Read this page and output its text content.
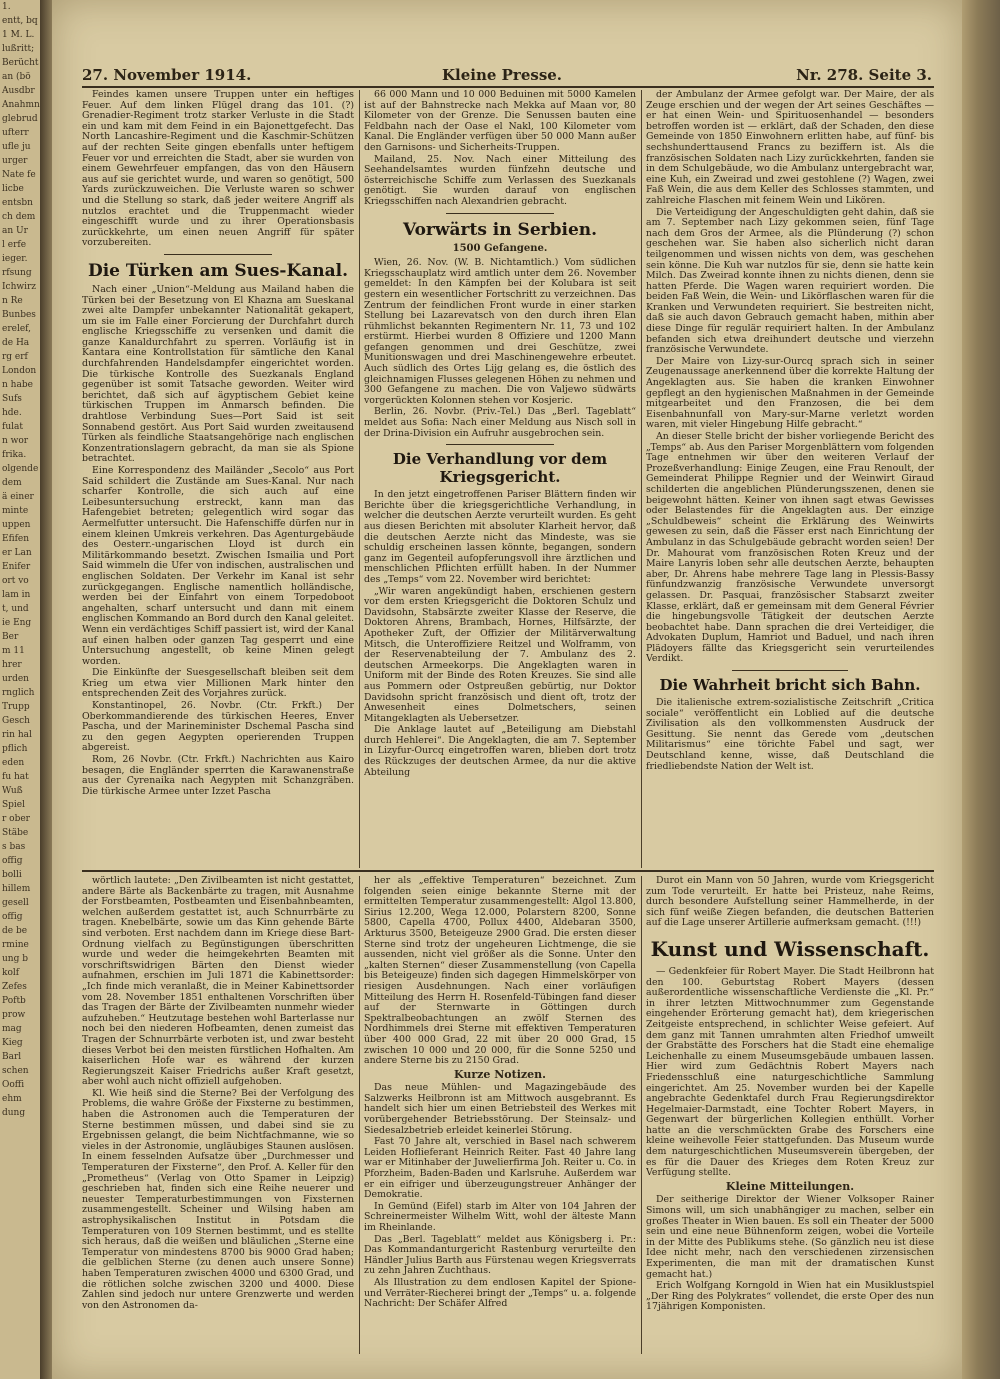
1.
entt, bq
1 M. L.
lußritt;
Berücht
an (bö
Ausdbr
Anahmn
glebrud
ufterr
ufle ju
urger
Nate fe
licbe
entsbn
ch dem
an Ur
l erfe
ieger.
rfsung
Ichwirz
n Re
Bunbes
erelef,
de Ha
rg erf
London
n habe
Sufs
hde.
fulat
n wor
frika.
olgende
dem
ä einer
minte
uppen
Efifen
er Lan
Enifer
ort vo
lam in
t, und
ie Eng
Ber
m 11
hrer
urden
rnglich
Trupp
Gesch
rin hal
pflich
eden
fu hat
Wuß
Spiel
r ober
Stäbe
s bas
offig
bolli
hillem
gesell
offig
de be
rmine
ung b
kolf
Zefes
Poftb
prow
mag
Kieg
Barl
schen
Ooffi
ehm
dung
27. November 1914.	Kleine Presse.	Nr. 278. Seite 3.

Feindes kamen unsere Truppen unter ein heftiges Feuer. Auf dem linken Flügel drang das 101. (?) Grenadier-Regiment trotz starker Verluste in die Stadt ein und kam mit dem Feind in ein Bajonettgefecht. Das North Lancashire-Regiment und die Kaschmir-Schützen auf der rechten Seite gingen ebenfalls unter heftigem Feuer vor und erreichten die Stadt, aber sie wurden von einem Gewehrfeuer empfangen, das von den Häusern aus auf sie gerichtet wurde, und waren so genötigt, 500 Yards zurückzuweichen. Die Verluste waren so schwer und die Stellung so stark, daß jeder weitere Angriff als nutzlos erachtet und die Truppenmacht wieder eingeschifft wurde und zu ihrer Operationsbasis zurückkehrte, um einen neuen Angriff für später vorzubereiten.

Die Türken am Sues-Kanal.

Nach einer „Union“-Meldung aus Mailand haben die Türken bei der Besetzung von El Khazna am Sueskanal zwei alte Dampfer unbekannter Nationalität gekapert, um sie im Falle einer Forcierung der Durchfahrt durch englische Kriegsschiffe zu versenken und damit die ganze Kanaldurchfahrt zu sperren. Vorläufig ist in Kantara eine Kontrollstation für sämtliche den Kanal durchfahrenden Handelsdampfer eingerichtet worden. Die türkische Kontrolle des Suezkanals England gegenüber ist somit Tatsache geworden. Weiter wird berichtet, daß sich auf ägyptischem Gebiet keine türkischen Truppen im Anmarsch befinden. Die drahtlose Verbindung Sues—Port Said ist seit Sonnabend gestört. Aus Port Said wurden zweitausend Türken als feindliche Staatsangehörige nach englischen Konzentrationslagern gebracht, da man sie als Spione betrachtet.

Eine Korrespondenz des Mailänder „Secolo“ aus Port Said schildert die Zustände am Sues-Kanal. Nur nach scharfer Kontrolle, die sich auch auf eine Leibesuntersuchung erstreckt, kann man das Hafengebiet betreten; gelegentlich wird sogar das Aermelfutter untersucht. Die Hafenschiffe dürfen nur in einem kleinen Umkreis verkehren. Das Agenturgebäude des Oesterr.-ungarischen Lloyd ist durch ein Militärkommando besetzt. Zwischen Ismailia und Port Said wimmeln die Ufer von indischen, australischen und englischen Soldaten. Der Verkehr im Kanal ist sehr zurückgegangen. Englische namentlich holländische, werden bei der Einfahrt von einem Torpedoboot angehalten, scharf untersucht und dann mit einem englischen Kommando an Bord durch den Kanal geleitet. Wenn ein verdächtiges Schiff passiert ist, wird der Kanal auf einen halben oder ganzen Tag gesperrt und eine Untersuchung angestellt, ob keine Minen gelegt worden.

Die Einkünfte der Suesgesellschaft bleiben seit dem Krieg um etwa vier Millionen Mark hinter den entsprechenden Zeit des Vorjahres zurück.

Konstantinopel, 26. Novbr. (Ctr. Frkft.) Der Oberkommandierende des türkischen Heeres, Enver Pascha, und der Marineminister Dschemal Pascha sind zu den gegen Aegypten operierenden Truppen abgereist.

Rom, 26 Novbr. (Ctr. Frkft.) Nachrichten aus Kairo besagen, die Engländer sperrten die Karawanenstraße aus der Cyrenaika nach Aegypten mit Schanzgräben. Die türkische Armee unter Izzet Pascha

66 000 Mann und 10 000 Beduinen mit 5000 Kamelen ist auf der Bahnstrecke nach Mekka auf Maan vor, 80 Kilometer von der Grenze. Die Senussen bauten eine Feldbahn nach der Oase el Nakl, 100 Kilometer vom Kanal. Die Engländer verfügen über 50 000 Mann außer den Garnisons- und Sicherheits-Truppen.

Mailand, 25. Nov. Nach einer Mitteilung des Seehandelsamtes wurden fünfzehn deutsche und österreichische Schiffe zum Verlassen des Suezkanals genötigt. Sie wurden darauf von englischen Kriegsschiffen nach Alexandrien gebracht.

Vorwärts in Serbien.
1500 Gefangene.

Wien, 26. Nov. (W. B. Nichtamtlich.) Vom südlichen Kriegsschauplatz wird amtlich unter dem 26. November gemeldet: In den Kämpfen bei der Kolubara ist seit gestern ein wesentlicher Fortschritt zu verzeichnen. Das Zentrum der feindlichen Front wurde in einer starken Stellung bei Lazarevatsch von den durch ihren Elan rühmlichst bekannten Regimentern Nr. 11, 73 und 102 erstürmt. Hierbei wurden 8 Offiziere und 1200 Mann gefangen genommen und drei Geschütze, zwei Munitionswagen und drei Maschinengewehre erbeutet. Auch südlich des Ortes Lijg gelang es, die östlich des gleichnamigen Flusses gelegenen Höhen zu nehmen und 300 Gefangene zu machen. Die von Valjewo südwärts vorgerückten Kolonnen stehen vor Kosjeric.

Berlin, 26. Novbr. (Priv.-Tel.) Das „Berl. Tageblatt“ meldet aus Sofia: Nach einer Meldung aus Nisch soll in der Drina-Division ein Aufruhr ausgebrochen sein.

Die Verhandlung vor dem Kriegsgericht.

In den jetzt eingetroffenen Pariser Blättern finden wir Berichte über die kriegsgerichtliche Verhandlung, in welcher die deutschen Aerzte verurteilt wurden. Es geht aus diesen Berichten mit absoluter Klarheit hervor, daß die deutschen Aerzte nicht das Mindeste, was sie schuldig erscheinen lassen könnte, begangen, sondern ganz im Gegenteil aufopferungsvoll ihre ärztlichen und menschlichen Pflichten erfüllt haben. In der Nummer des „Temps“ vom 22. November wird berichtet:

„Wir waren angekündigt haben, erschienen gestern vor dem ersten Kriegsgericht die Doktoren Schulz und Davidsohn, Stabsärzte zweiter Klasse der Reserve, die Doktoren Ahrens, Brambach, Hornes, Hilfsärzte, der Apotheker Zuft, der Offizier der Militärverwaltung Mitsch, die Unteroffiziere Reitzel und Wolframm, von der Reservenabteilung der 7. Ambulanz des 2. deutschen Armeekorps. Die Angeklagten waren in Uniform mit der Binde des Roten Kreuzes. Sie sind alle aus Pommern oder Ostpreußen gebürtig, nur Doktor Davidsohn spricht französisch und dient oft, trotz der Anwesenheit eines Dolmetschers, seinen Mitangeklagten als Uebersetzer.

Die Anklage lautet auf „Beteiligung am Diebstahl durch Hehlerei“. Die Angeklagten, die am 7. September in Lizyfur-Ourcq eingetroffen waren, blieben dort trotz des Rückzuges der deutschen Armee, da nur die aktive Abteilung

der Ambulanz der Armee gefolgt war. Der Maire, der als Zeuge erschien und der wegen der Art seines Geschäftes — er hat einen Wein- und Spirituosenhandel — besonders betroffen worden ist — erklärt, daß der Schaden, den diese Gemeinde von 1850 Einwohnern erlitten habe, auf fünf- bis sechshunderttausend Francs zu beziffern ist. Als die französischen Soldaten nach Lizy zurückkehrten, fanden sie in dem Schulgebäude, wo die Ambulanz untergebracht war, eine Kuh, ein Zweirad und zwei gestohlene (?) Wagen, zwei Faß Wein, die aus dem Keller des Schlosses stammten, und zahlreiche Flaschen mit feinem Wein und Likören.

Die Verteidigung der Angeschuldigten geht dahin, daß sie am 7. September nach Lizy gekommen seien, fünf Tage nach dem Gros der Armee, als die Plünderung (?) schon geschehen war. Sie haben also sicherlich nicht daran teilgenommen und wissen nichts von dem, was geschehen sein könne. Die Kuh war nutzlos für sie, denn sie hatte kein Milch. Das Zweirad konnte ihnen zu nichts dienen, denn sie hatten Pferde. Die Wagen waren requiriert worden. Die beiden Faß Wein, die Wein- und Likörflaschen waren für die Kranken und Verwundeten requiriert. Sie bestreiten nicht, daß sie auch davon Gebrauch gemacht haben, mithin aber diese Dinge für regulär requiriert halten. In der Ambulanz befanden sich etwa dreihundert deutsche und vierzehn französische Verwundete.

Der Maire von Lizy-sur-Ourcq sprach sich in seiner Zeugenaussage anerkennend über die korrekte Haltung der Angeklagten aus. Sie haben die kranken Einwohner gepflegt an den hygienischen Maßnahmen in der Gemeinde mitgearbeitet und den Franzosen, die bei dem Eisenbahnunfall von Mary-sur-Marne verletzt worden waren, mit vieler Hingebung Hilfe gebracht.“

An dieser Stelle bricht der bisher vorliegende Bericht des „Temps“ ab. Aus den Pariser Morgenblättern vom folgenden Tage entnehmen wir über den weiteren Verlauf der Prozeßverhandlung: Einige Zeugen, eine Frau Renoult, der Gemeinderat Philippe Regnier und der Weinwirt Giraud schilderten die angeblichen Plünderungsszenen, denen sie beigewohnt hätten. Keiner von ihnen sagt etwas Gewisses oder Belastendes für die Angeklagten aus. Der einzige „Schuldbeweis“ scheint die Erklärung des Weinwirts gewesen zu sein, daß die Fässer erst nach Einrichtung der Ambulanz in das Schulgebäude gebracht worden seien! Der Dr. Mahourat vom französischen Roten Kreuz und der Maire Lanyris loben sehr alle deutschen Aerzte, behaupten aber, Dr. Ahrens habe mehrere Tage lang in Plessis-Bassy fünfundzwanzig französische Verwundete unversorgt gelassen. Dr. Pasquai, französischer Stabsarzt zweiter Klasse, erklärt, daß er gemeinsam mit dem General Février die hingebungsvolle Tätigkeit der deutschen Aerzte beobachtet habe. Dann sprachen die drei Verteidiger, die Advokaten Duplum, Hamriot und Baduel, und nach ihren Plädoyers fällte das Kriegsgericht sein verurteilendes Verdikt.

Die Wahrheit bricht sich Bahn.

Die italienische extrem-sozialistische Zeitschrift „Critica sociale“ veröffentlicht ein Loblied auf die deutsche Zivilisation als den vollkommensten Ausdruck der Gesittung. Sie nennt das Gerede vom „deutschen Militarismus“ eine törichte Fabel und sagt, wer Deutschland kenne, wisse, daß Deutschland die friedliebendste Nation der Welt ist.

wörtlich lautete: „Den Zivilbeamten ist nicht gestattet, andere Bärte als Backenbärte zu tragen, mit Ausnahme der Forstbeamten, Postbeamten und Eisenbahnbeamten, welchen außerdem gestattet ist, auch Schnurrbärte zu tragen. Knebelbärte, sowie um das Kinn gehende Bärte sind verboten. Erst nachdem dann im Kriege diese Bart-Ordnung vielfach zu Begünstigungen überschritten wurde und weder die heimgekehrten Beamten mit vorschriftswidrigen Bärten den Dienst wieder aufnahmen, erschien im Juli 1871 die Kabinettsorder: „Ich finde mich veranlaßt, die in Meiner Kabinettsorder vom 28. November 1851 enthaltenen Vorschriften über das Tragen der Bärte der Zivilbeamten nunmehr wieder aufzuheben.“ Heutzutage bestehen wohl Barterlasse nur noch bei den niederen Hofbeamten, denen zumeist das Tragen der Schnurrbärte verboten ist, und zwar besteht dieses Verbot bei den meisten fürstlichen Hofhalten. Am kaiserlichen Hofe war es während der kurzen Regierungszeit Kaiser Friedrichs außer Kraft gesetzt, aber wohl auch nicht offiziell aufgehoben.

Kl. Wie heiß sind die Sterne? Bei der Verfolgung des Problems, die wahre Größe der Fixsterne zu bestimmen, haben die Astronomen auch die Temperaturen der Sterne bestimmen müssen, und dabei sind sie zu Ergebnissen gelangt, die beim Nichtfachmanne, wie so vieles in der Astronomie, ungläubiges Staunen auslösen. In einem fesselnden Aufsatze über „Durchmesser und Temperaturen der Fixsterne“, den Prof. A. Keller für den „Prometheus“ (Verlag von Otto Spamer in Leipzig) geschrieben hat, finden sich eine Reihe neuerer und neuester Temperaturbestimmungen von Fixsternen zusammengestellt. Scheiner und Wilsing haben am astrophysikalischen Institut in Potsdam die Temperaturen von 109 Sternen bestimmt, und es stellte sich heraus, daß die weißen und bläulichen „Sterne eine Temperatur von mindestens 8700 bis 9000 Grad haben; die gelblichen Sterne (zu denen auch unsere Sonne) haben Temperaturen zwischen 4000 und 6300 Grad, und die rötlichen solche zwischen 3200 und 4000. Diese Zahlen sind jedoch nur untere Grenzwerte und werden von den Astronomen da-

her als „effektive Temperaturen“ bezeichnet. Zum folgenden seien einige bekannte Sterne mit der ermittelten Temperatur zusammengestellt: Algol 13.800, Sirius 12.200, Wega 12.000, Polarstern 8200, Sonne 5800, Capella 4700, Pollux 4400, Aldebaran 3500, Arkturus 3500, Beteigeuze 2900 Grad. Die ersten dieser Sterne sind trotz der ungeheuren Lichtmenge, die sie aussenden, nicht viel größer als die Sonne. Unter den „kalten Sternen“ dieser Zusammenstellung (von Capella bis Beteigeuze) finden sich dagegen Himmelskörper von riesigen Ausdehnungen. Nach einer vorläufigen Mitteilung des Herrn H. Rosenfeld-Tübingen fand dieser auf der Sternwarte in Göttingen durch Spektralbeobachtungen an zwölf Sternen des Nordhimmels drei Sterne mit effektiven Temperaturen über 400 000 Grad, 22 mit über 20 000 Grad, 15 zwischen 10 000 und 20 000, für die Sonne 5250 und andere Sterne bis zu 2150 Grad.

Kurze Notizen.

Das neue Mühlen- und Magazingebäude des Salzwerks Heilbronn ist am Mittwoch ausgebrannt. Es handelt sich hier um einen Betriebsteil des Werkes mit vorübergehender Betriebsstörung. Der Steinsalz- und Siedesalzbetrieb erleidet keinerlei Störung.

Fast 70 Jahre alt, verschied in Basel nach schwerem Leiden Hoflieferant Heinrich Reiter. Fast 40 Jahre lang war er Mitinhaber der Juwelierfirma Joh. Reiter u. Co. in Pforzheim, Baden-Baden und Karlsruhe. Außerdem war er ein eifriger und überzeugungstreuer Anhänger der Demokratie.

In Gemünd (Eifel) starb im Alter von 104 Jahren der Schreinermeister Wilhelm Witt, wohl der älteste Mann im Rheinlande.

Das „Berl. Tageblatt“ meldet aus Königsberg i. Pr.: Das Kommandanturgericht Rastenburg verurteilte den Händler Julius Barth aus Fürstenau wegen Kriegsverrats zu zehn Jahren Zuchthaus.

Als Illustration zu dem endlosen Kapitel der Spione- und Verräter-Riecherei bringt der „Temps“ u. a. folgende Nachricht: Der Schäfer Alfred

Durot ein Mann von 50 Jahren, wurde vom Kriegsgericht zum Tode verurteilt. Er hatte bei Pristeuz, nahe Reims, durch besondere Aufstellung seiner Hammelherde, in der sich fünf weiße Ziegen befanden, die deutschen Batterien auf die Lage unserer Artillerie aufmerksam gemacht. (!!!)

Kunst und Wissenschaft.

— Gedenkfeier für Robert Mayer. Die Stadt Heilbronn hat den 100. Geburtstag Robert Mayers (dessen außerordentliche wissenschaftliche Verdienste die „Kl. Pr.“ in ihrer letzten Mittwochnummer zum Gegenstande eingehender Erörterung gemacht hat), dem kriegerischen Zeitgeiste entsprechend, in schlichter Weise gefeiert. Auf dem ganz mit Tannen umrahmten alten Friedhof umweilt der Grabstätte des Forschers hat die Stadt eine ehemalige Leichenhalle zu einem Museumsgebäude umbauen lassen. Hier wird zum Gedächtnis Robert Mayers nach Friedensschluß eine naturgeschichtliche Sammlung eingerichtet. Am 25. November wurden bei der Kapelle angebrachte Gedenktafel durch Frau Regierungsdirektor Hegelmaier-Darmstadt, eine Tochter Robert Mayers, in Gegenwart der bürgerlichen Kollegien enthüllt. Vorher hatte an die verschmückten Grabe des Forschers eine kleine weihevolle Feier stattgefunden. Das Museum wurde dem naturgeschichtlichen Museumsverein übergeben, der es für die Dauer des Krieges dem Roten Kreuz zur Verfügung stellte.

Kleine Mitteilungen.

Der seitherige Direktor der Wiener Volksoper Rainer Simons will, um sich unabhängiger zu machen, selber ein großes Theater in Wien bauen. Es soll ein Theater der 5000 sein und eine neue Bühnenform zeigen, wobei die Vorteile in der Mitte des Publikums stehe. (So gänzlich neu ist diese Idee nicht mehr, nach den verschiedenen zirzensischen Experimenten, die man mit der dramatischen Kunst gemacht hat.)

Erich Wolfgang Korngold in Wien hat ein Musiklustspiel „Der Ring des Polykrates“ vollendet, die erste Oper des nun 17jährigen Komponisten.
